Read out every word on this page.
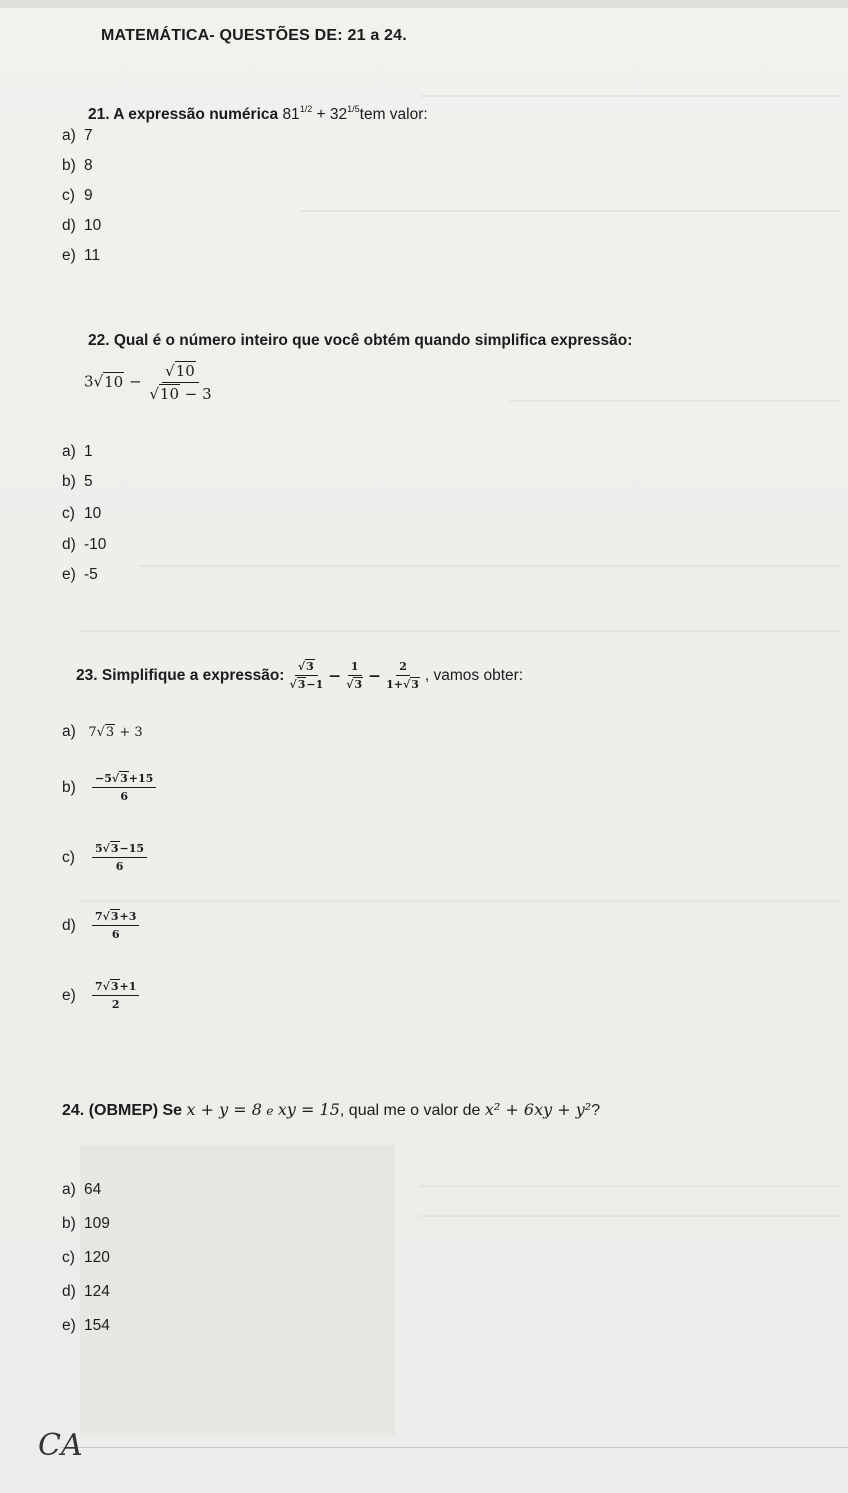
MATEMÁTICA- QUESTÕES DE: 21 a 24.
21. A expressão numérica $81^{1/2} + 32^{1/5}tem$ valor:
a) 7
b) 8
c) 9
d) 10
e) 11
22. Qual é o número inteiro que você obtém quando simplifica expressão:
$3√10 - \frac{√10}{√10 - 3}$
a) 1
b) 5
c) 10
d) -10
e) -5
23. Simplifique a expressão: $\frac{√3}{√3-1} - \frac{1}{√3} - \frac{2}{1+√3}$ , vamos obter:
a) 7√3 + 3
b)	$\frac{-5√3+15}{6}$
c)	$\frac{5√3-15}{6}$
d)	$\frac{7√3+3}{6}$
e)	$\frac{7√3+1}{2}$
24. (OBMEP) Se x + y = 8 e xy = 15, qual me o valor de x² + 6xy + y²?
a) 64
b) 109
c) 120
d) 124
e) 154
CA
